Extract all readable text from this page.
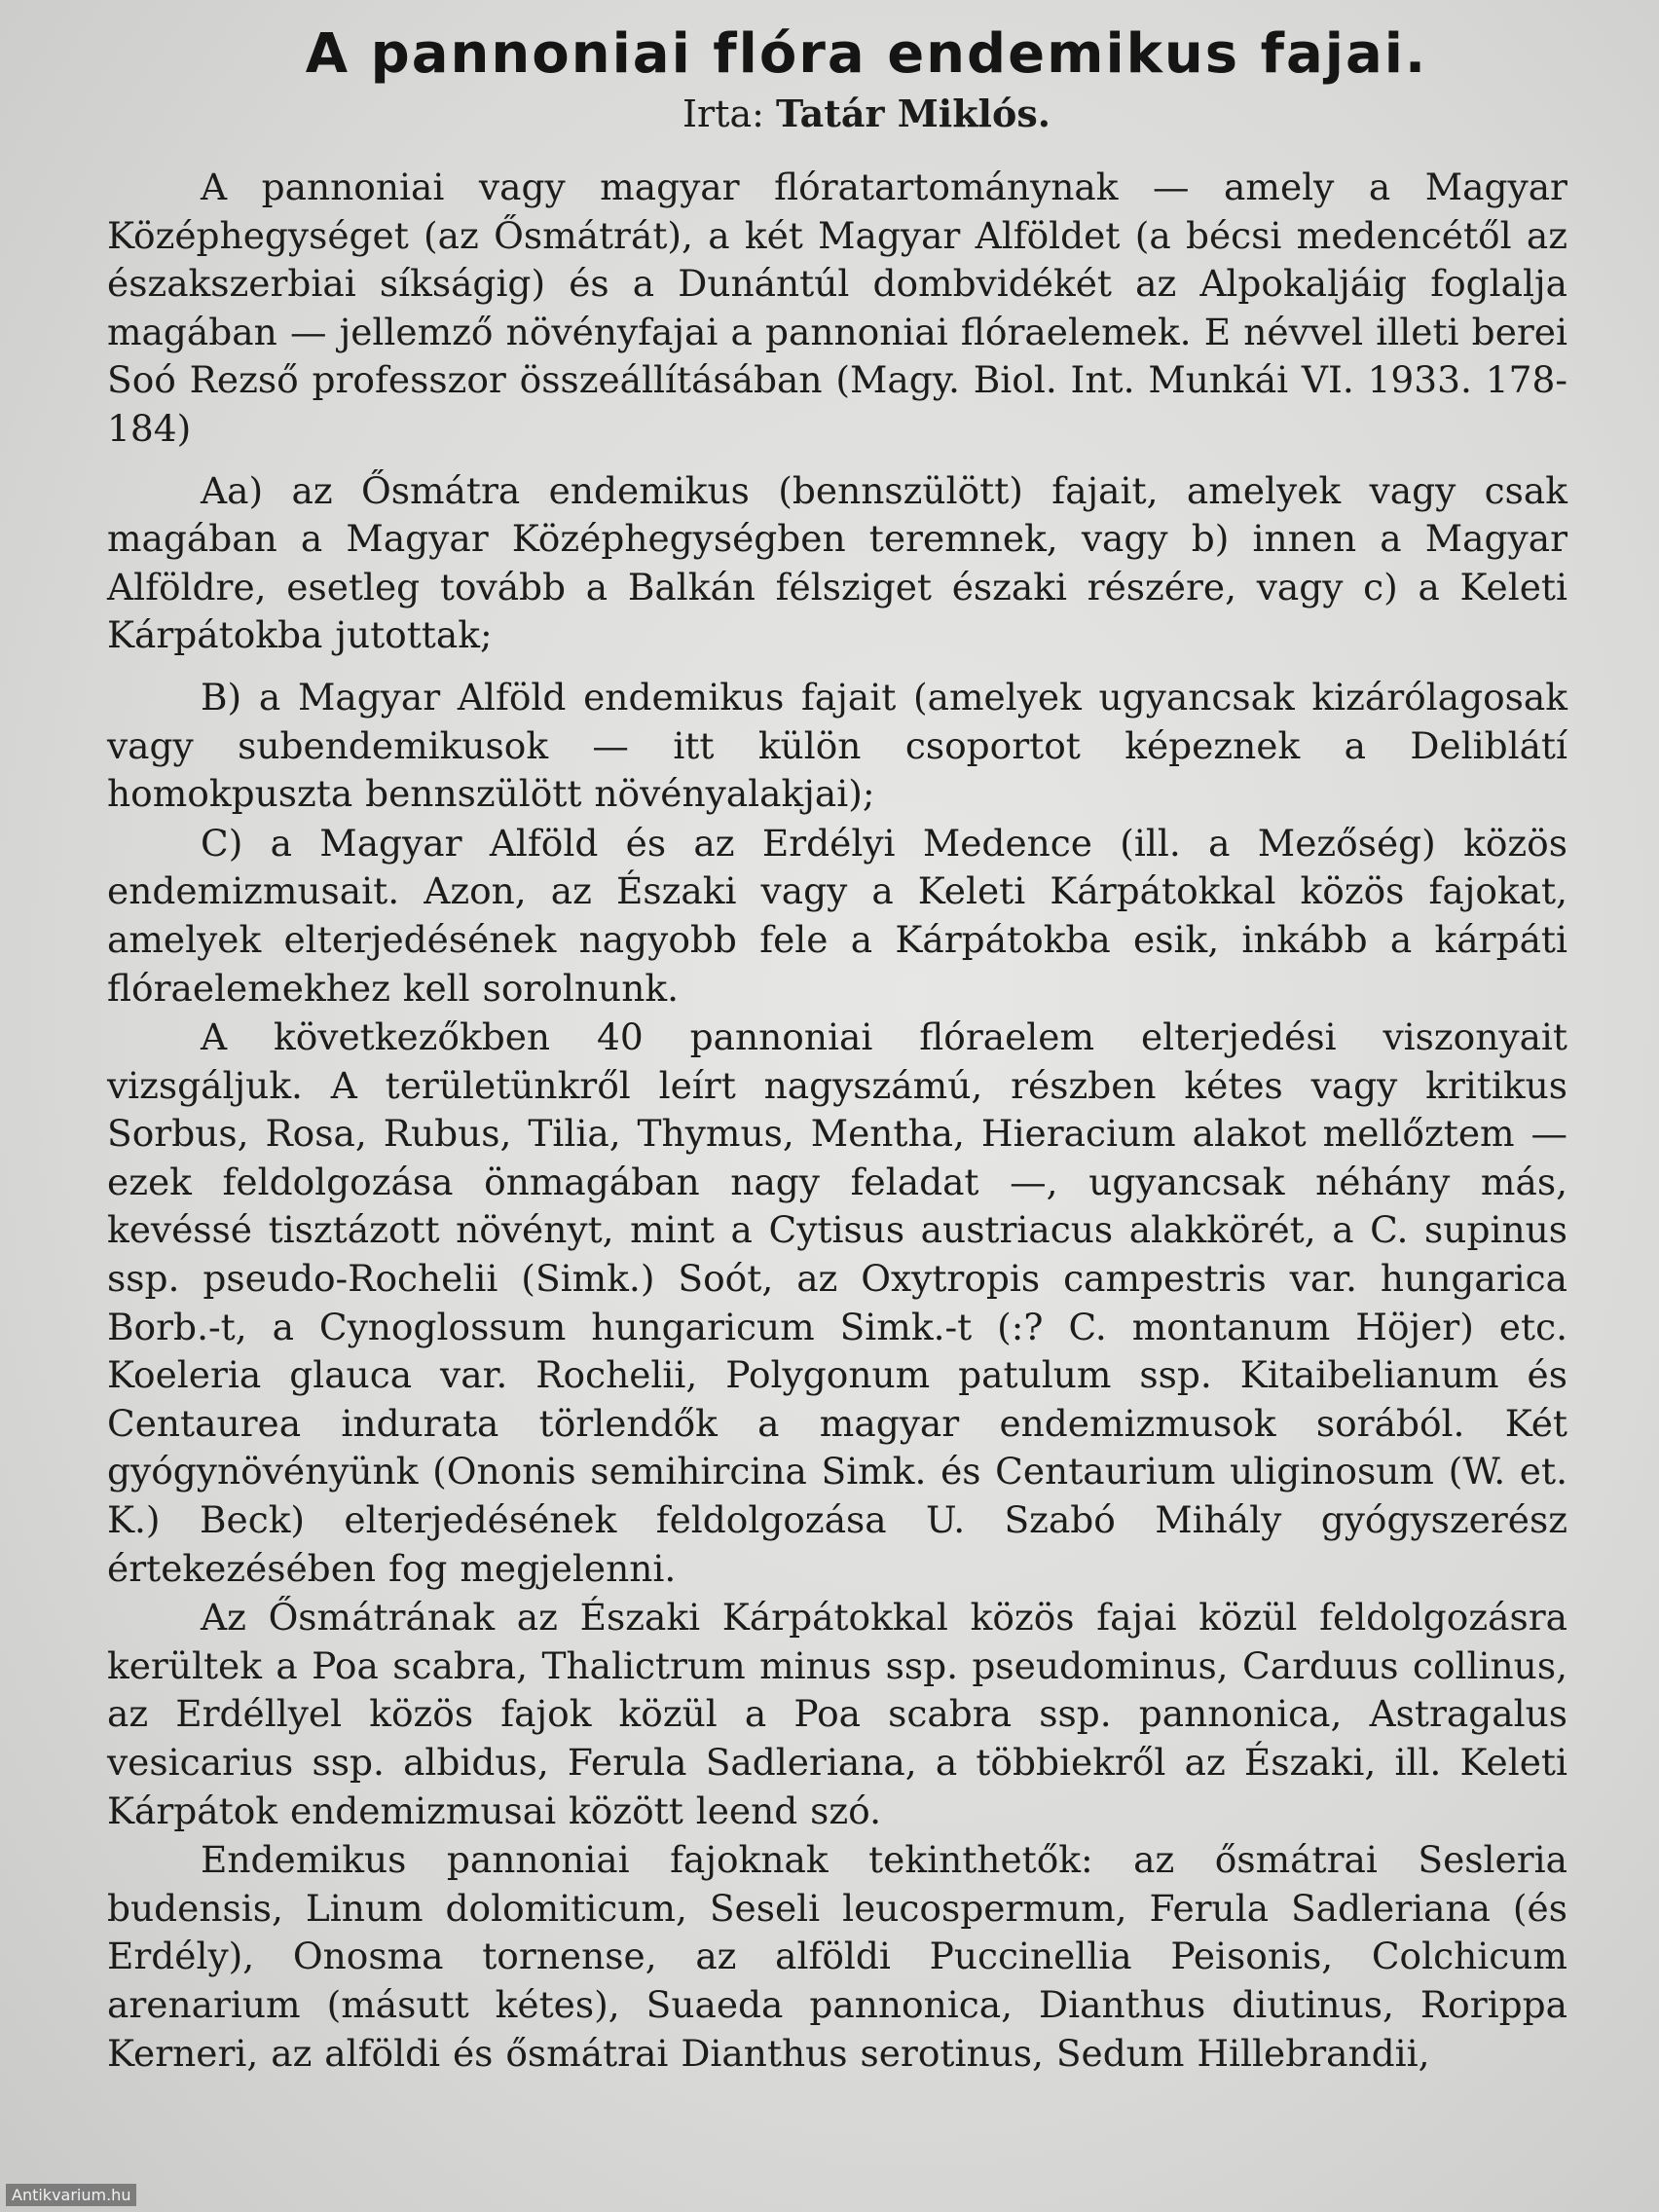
A pannoniai flóra endemikus fajai.
Irta: Tatár Miklós.

A pannoniai vagy magyar flóratartománynak — amely a Magyar Középhegységet (az Ősmátrát), a két Magyar Alföldet (a bécsi medencétől az északszerbiai síkságig) és a Dunántúl dombvidékét az Alpokaljáig foglalja magában — jellemző növényfajai a pannoniai flóraelemek. E névvel illeti berei Soó Rezső professzor összeállításában (Magy. Biol. Int. Munkái VI. 1933. 178-184)

Aa) az Ősmátra endemikus (bennszülött) fajait, amelyek vagy csak magában a Magyar Középhegységben teremnek, vagy b) innen a Magyar Alföldre, esetleg tovább a Balkán félsziget északi részére, vagy c) a Keleti Kárpátokba jutottak;

B) a Magyar Alföld endemikus fajait (amelyek ugyancsak kizárólagosak vagy subendemikusok — itt külön csoportot képeznek a Deliblátí homokpuszta bennszülött növényalakjai);

C) a Magyar Alföld és az Erdélyi Medence (ill. a Mezőség) közös endemizmusait. Azon, az Északi vagy a Keleti Kárpátokkal közös fajokat, amelyek elterjedésének nagyobb fele a Kárpátokba esik, inkább a kárpáti flóraelemekhez kell sorolnunk.

A következőkben 40 pannoniai flóraelem elterjedési viszonyait vizsgáljuk. A területünkről leírt nagyszámú, részben kétes vagy kritikus Sorbus, Rosa, Rubus, Tilia, Thymus, Mentha, Hieracium alakot mellőztem — ezek feldolgozása önmagában nagy feladat —, ugyancsak néhány más, kevéssé tisztázott növényt, mint a Cytisus austriacus alakkörét, a C. supinus ssp. pseudo-Rochelii (Simk.) Soót, az Oxytropis campestris var. hungarica Borb.-t, a Cynoglossum hungaricum Simk.-t (:? C. montanum Höjer) etc. Koeleria glauca var. Rochelii, Polygonum patulum ssp. Kitaibelianum és Centaurea indurata törlendők a magyar endemizmusok sorából. Két gyógynövényünk (Ononis semihircina Simk. és Centaurium uliginosum (W. et. K.) Beck) elterjedésének feldolgozása U. Szabó Mihály gyógyszerész értekezésében fog megjelenni.

Az Ősmátrának az Északi Kárpátokkal közös fajai közül feldolgozásra kerültek a Poa scabra, Thalictrum minus ssp. pseudominus, Carduus collinus, az Erdéllyel közös fajok közül a Poa scabra ssp. pannonica, Astragalus vesicarius ssp. albidus, Ferula Sadleriana, a többiekről az Északi, ill. Keleti Kárpátok endemizmusai között leend szó.

Endemikus pannoniai fajoknak tekinthetők: az ősmátrai Sesleria budensis, Linum dolomiticum, Seseli leucospermum, Ferula Sadleriana (és Erdély), Onosma tornense, az alföldi Puccinellia Peisonis, Colchicum arenarium (másutt kétes), Suaeda pannonica, Dianthus diutinus, Rorippa Kerneri, az alföldi és ősmátrai Dianthus serotinus, Sedum Hillebrandii,

Antikvarium.hu
